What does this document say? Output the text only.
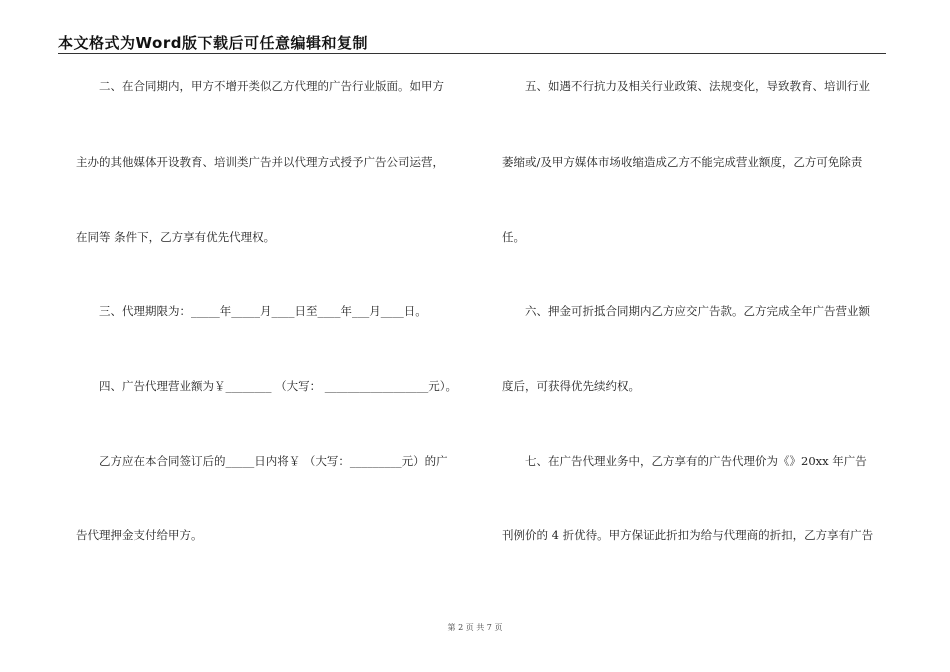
本文格式为Word版下载后可任意编辑和复制
　　二、在合同期内，甲方不增开类似乙方代理的广告行业版面。如甲方
主办的其他媒体开设教育、培训类广告并以代理方式授予广告公司运营，
在同等 条件下，乙方享有优先代理权。
　　三、代理期限为：_____年_____月____日至____年___月____日。
　　四、广告代理营业额为￥________ （大写： __________________元）。
　　乙方应在本合同签订后的_____日内将￥ （大写：_________元）的广
告代理押金支付给甲方。
　　五、如遇不行抗力及相关行业政策、法规变化，导致教育、培训行业
萎缩或/及甲方媒体市场收缩造成乙方不能完成营业额度，乙方可免除责
任。
　　六、押金可折抵合同期内乙方应交广告款。乙方完成全年广告营业额
度后，可获得优先续约权。
　　七、在广告代理业务中，乙方享有的广告代理价为《》20xx 年广告
刊例价的 4 折优待。甲方保证此折扣为给与代理商的折扣，乙方享有广告
第 2 页 共 7 页
